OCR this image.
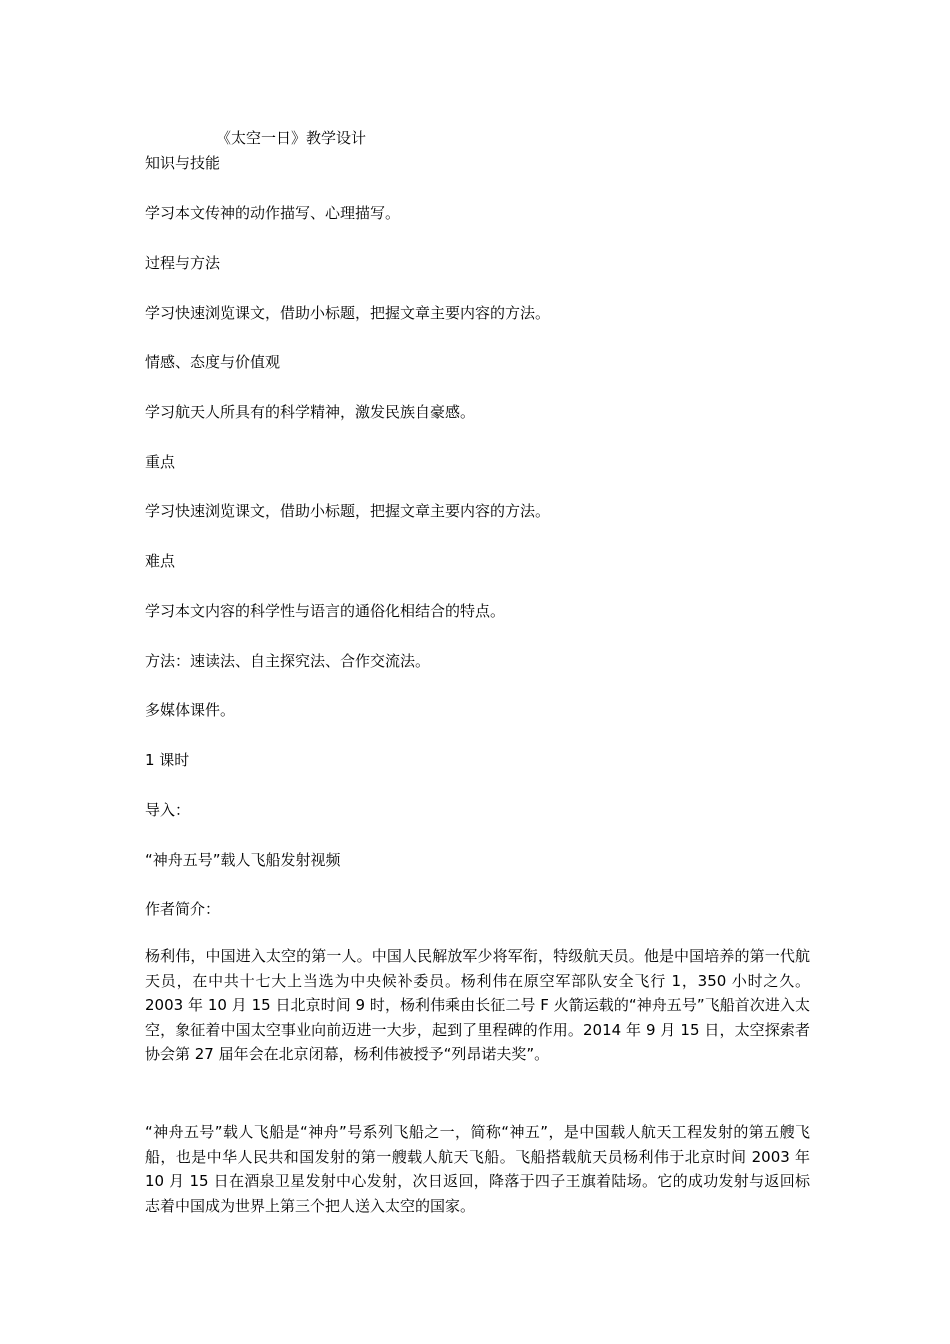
《太空一日》教学设计
知识与技能
学习本文传神的动作描写、心理描写。
过程与方法
学习快速浏览课文，借助小标题，把握文章主要内容的方法。
情感、态度与价值观
学习航天人所具有的科学精神，激发民族自豪感。
重点
学习快速浏览课文，借助小标题，把握文章主要内容的方法。
难点
学习本文内容的科学性与语言的通俗化相结合的特点。
方法：速读法、自主探究法、合作交流法。
多媒体课件。
1 课时
导入：
“神舟五号”载人飞船发射视频
作者简介：
杨利伟，中国进入太空的第一人。中国人民解放军少将军衔，特级航天员。他是中国培养的第一代航天员，在中共十七大上当选为中央候补委员。杨利伟在原空军部队安全飞行 1，350 小时之久。2003 年 10 月 15 日北京时间 9 时，杨利伟乘由长征二号 F 火箭运载的“神舟五号”飞船首次进入太空，象征着中国太空事业向前迈进一大步，起到了里程碑的作用。2014 年 9 月 15 日，太空探索者协会第 27 届年会在北京闭幕，杨利伟被授予“列昂诺夫奖”。
“神舟五号”载人飞船是“神舟”号系列飞船之一，简称“神五”，是中国载人航天工程发射的第五艘飞船，也是中华人民共和国发射的第一艘载人航天飞船。飞船搭载航天员杨利伟于北京时间 2003 年 10 月 15 日在酒泉卫星发射中心发射，次日返回，降落于四子王旗着陆场。它的成功发射与返回标志着中国成为世界上第三个把人送入太空的国家。
